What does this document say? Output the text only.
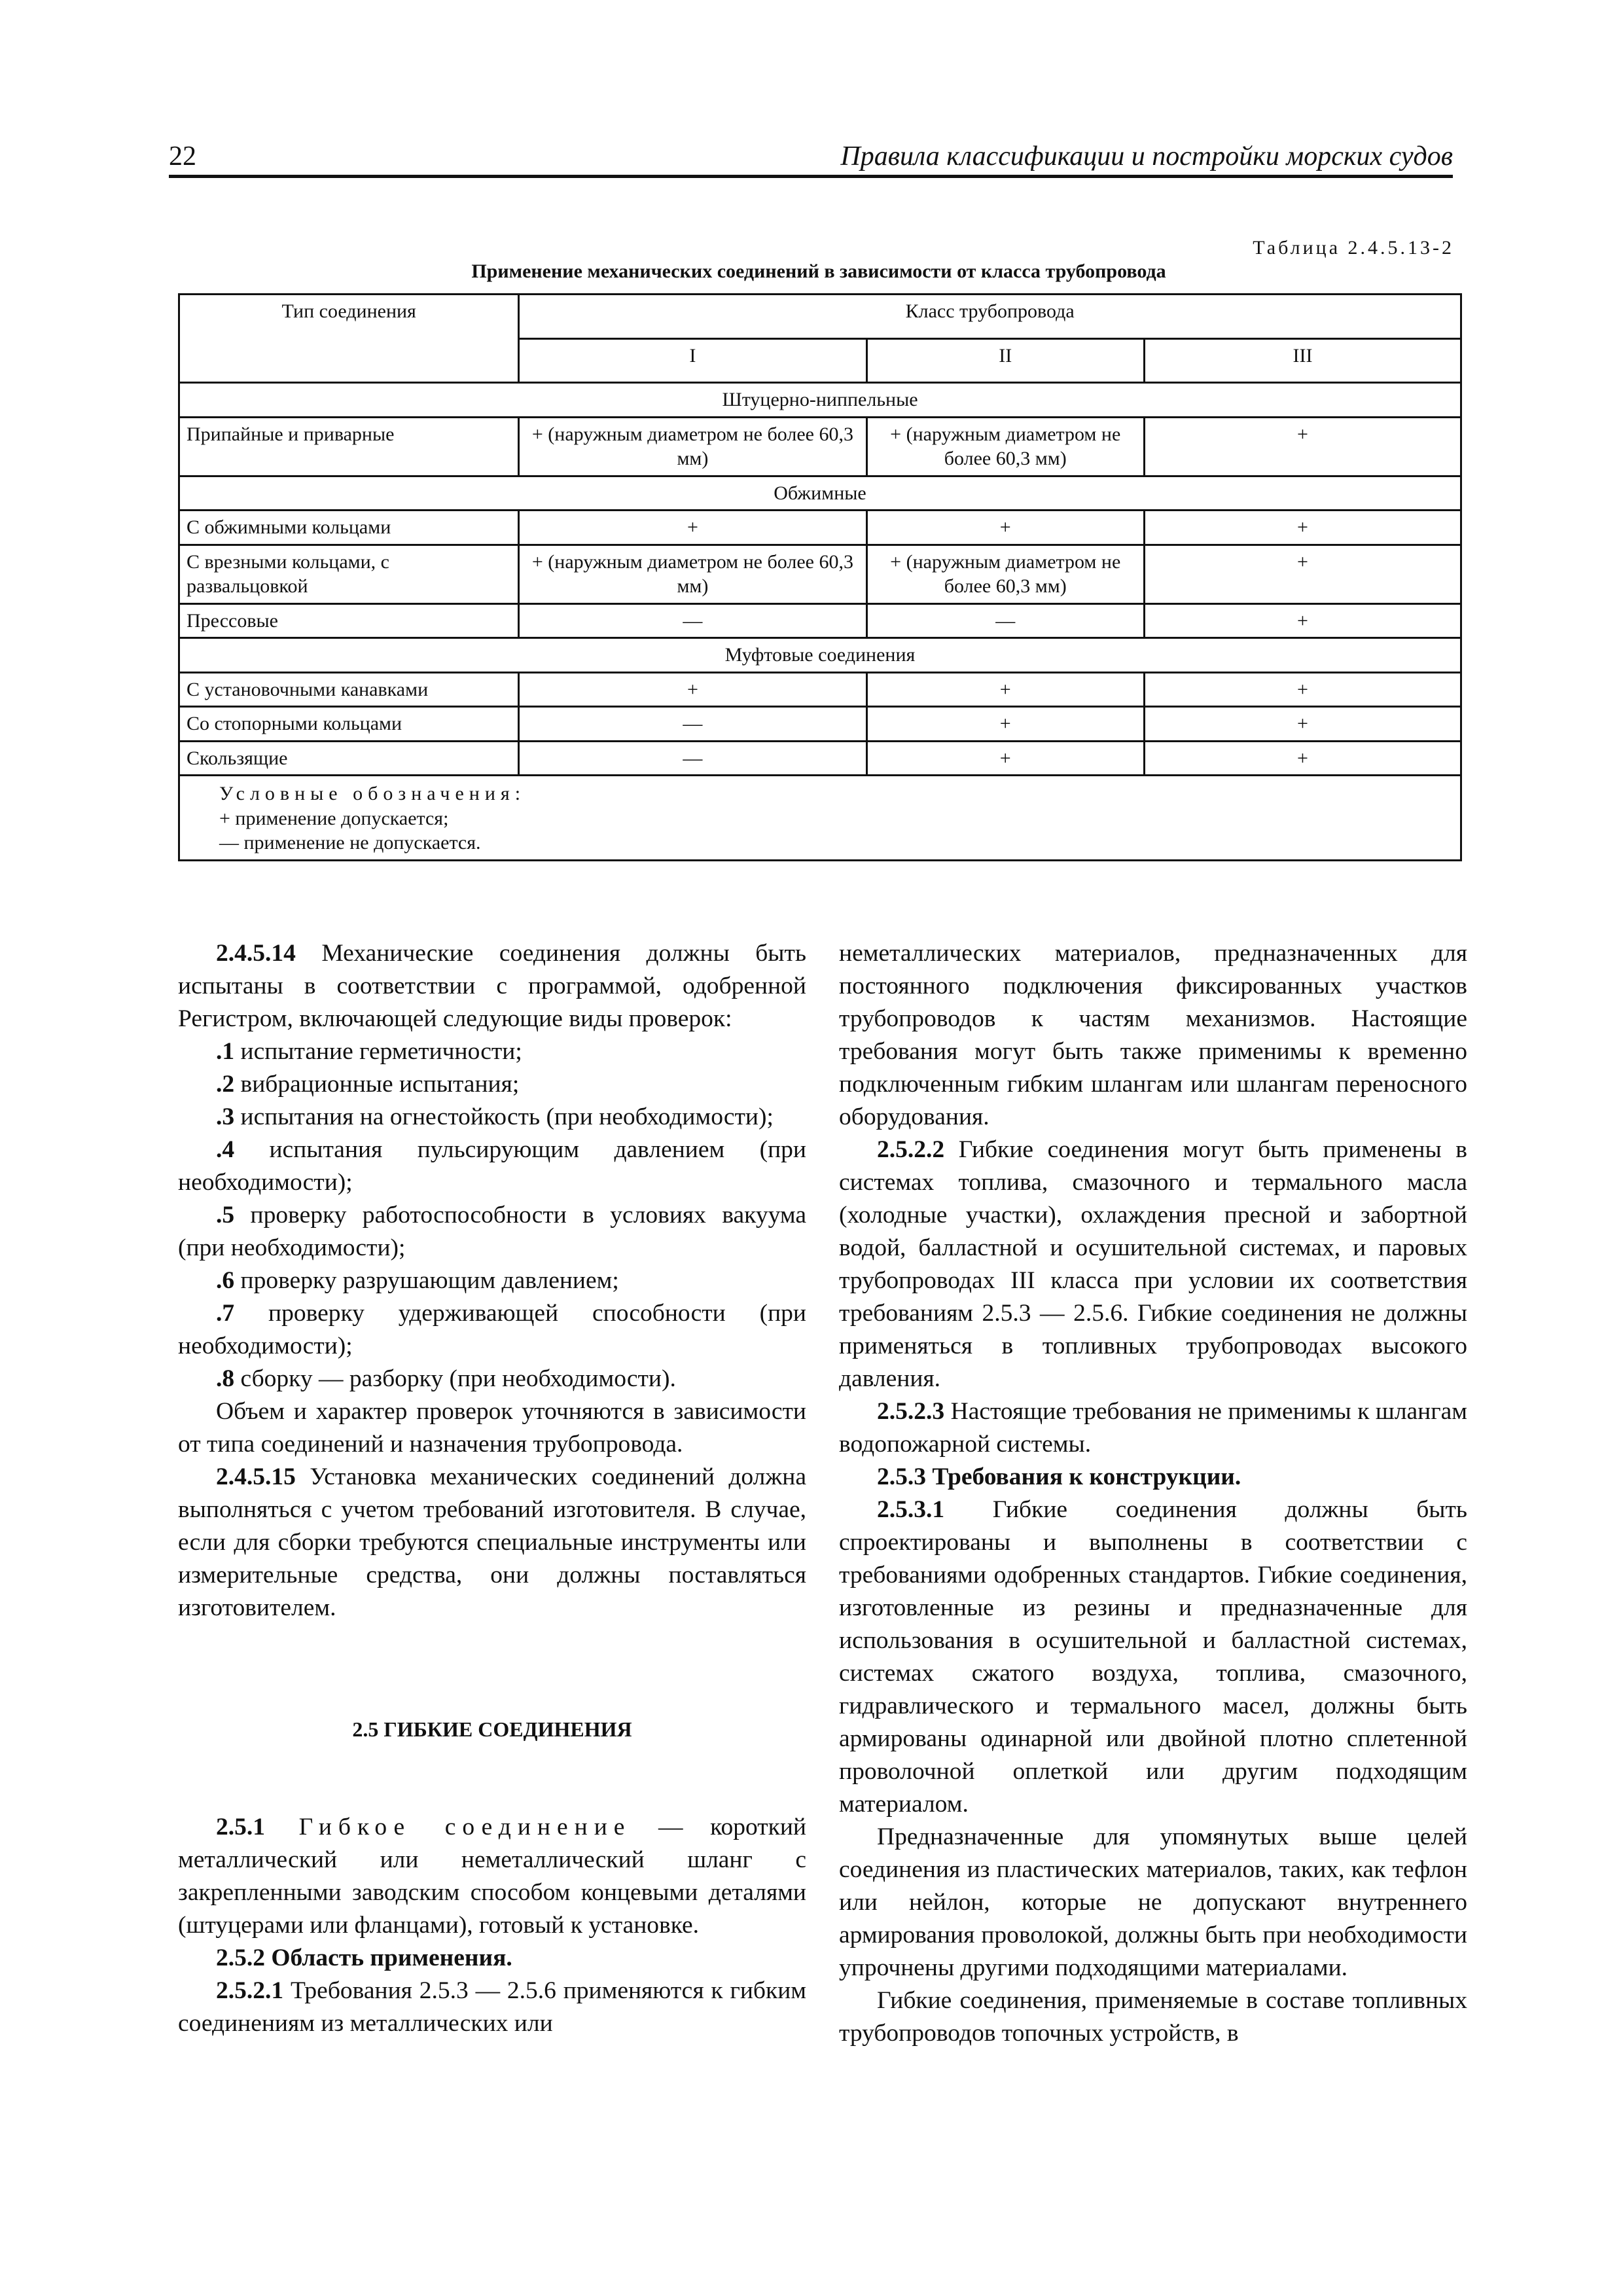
22	Правила классификации и постройки морских судов
Таблица 2.4.5.13-2
Применение механических соединений в зависимости от класса трубопровода
Тип соединения	Класс трубопровода		
	I	II	III
Штуцерно-ниппельные			
Припайные и приварные	+ (наружным диаметром не более 60,3 мм)	+ (наружным диаметром не более 60,3 мм)	+
Обжимные			
С обжимными кольцами	+	+	+
С врезными кольцами, с развальцовкой	+ (наружным диаметром не более 60,3 мм)	+ (наружным диаметром не более 60,3 мм)	+
Прессовые	—	—	+
Муфтовые соединения			
С установочными канавками	+	+	+
Со стопорными кольцами	—	+	+
Скользящие	—	+	+

Условные обозначения:
+ применение допускается;
— применение не допускается.			

2.4.5.14 Механические соединения должны быть испытаны в соответствии с программой, одобренной Регистром, включающей следующие виды проверок:

.1 испытание герметичности;

.2 вибрационные испытания;

.3 испытания на огнестойкость (при необходимости);

.4 испытания пульсирующим давлением (при необходимости);

.5 проверку работоспособности в условиях вакуума (при необходимости);

.6 проверку разрушающим давлением;

.7 проверку удерживающей способности (при необходимости);

.8 сборку — разборку (при необходимости).

Объем и характер проверок уточняются в зависимости от типа соединений и назначения трубопровода.

2.4.5.15 Установка механических соединений должна выполняться с учетом требований изготовителя. В случае, если для сборки требуются специальные инструменты или измерительные средства, они должны поставляться изготовителем.

2.5 ГИБКИЕ СОЕДИНЕНИЯ

2.5.1 Гибкое соединение — короткий металлический или неметаллический шланг с закрепленными заводским способом концевыми деталями (штуцерами или фланцами), готовый к установке.

2.5.2 Область применения.

2.5.2.1 Требования 2.5.3 — 2.5.6 применяются к гибким соединениям из металлических или

неметаллических материалов, предназначенных для постоянного подключения фиксированных участков трубопроводов к частям механизмов. Настоящие требования могут быть также применимы к временно подключенным гибким шлангам или шлангам переносного оборудования.

2.5.2.2 Гибкие соединения могут быть применены в системах топлива, смазочного и термального масла (холодные участки), охлаждения пресной и забортной водой, балластной и осушительной системах, и паровых трубопроводах III класса при условии их соответствия требованиям 2.5.3 — 2.5.6. Гибкие соединения не должны применяться в топливных трубопроводах высокого давления.

2.5.2.3 Настоящие требования не применимы к шлангам водопожарной системы.

2.5.3 Требования к конструкции.

2.5.3.1 Гибкие соединения должны быть спроектированы и выполнены в соответствии с требованиями одобренных стандартов. Гибкие соединения, изготовленные из резины и предназначенные для использования в осушительной и балластной системах, системах сжатого воздуха, топлива, смазочного, гидравлического и термального масел, должны быть армированы одинарной или двойной плотно сплетенной проволочной оплеткой или другим подходящим материалом.

Предназначенные для упомянутых выше целей соединения из пластических материалов, таких, как тефлон или нейлон, которые не допускают внутреннего армирования проволокой, должны быть при необходимости упрочнены другими подходящими материалами.

Гибкие соединения, применяемые в составе топливных трубопроводов топочных устройств, в
